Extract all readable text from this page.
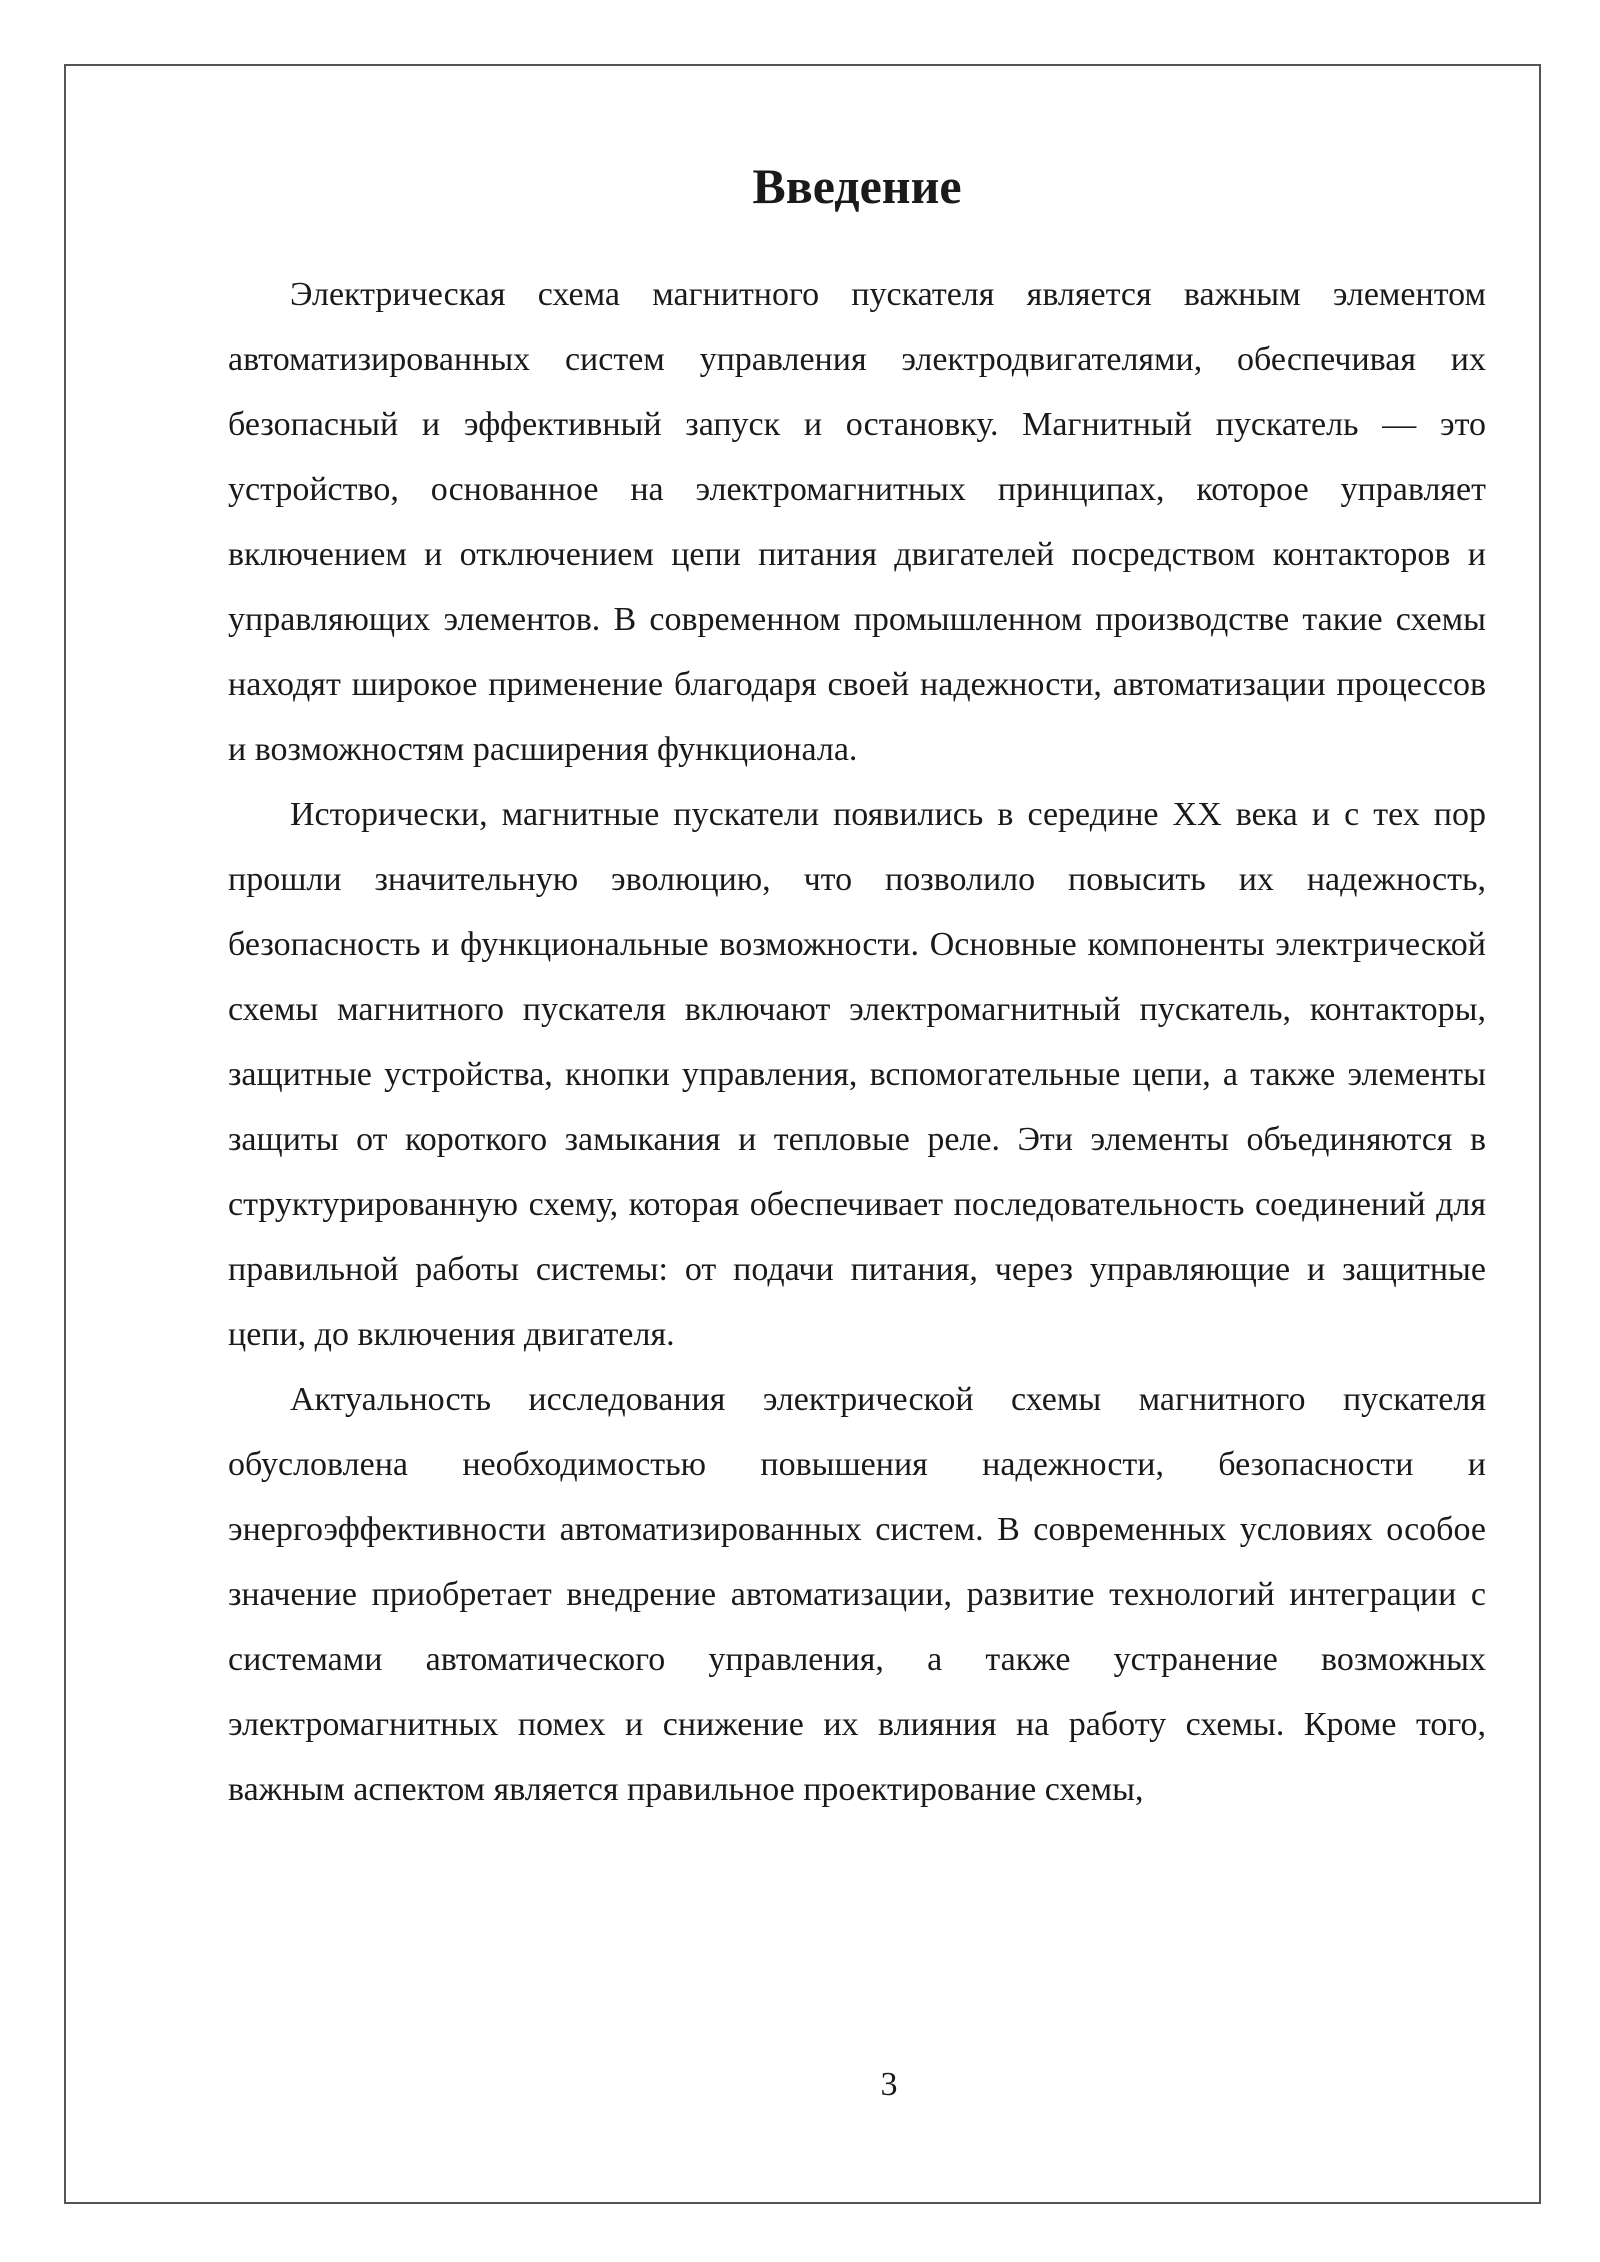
Введение

Электрическая схема магнитного пускателя является важным элементом автоматизированных систем управления электродвигателями, обеспечивая их безопасный и эффективный запуск и остановку. Магнитный пускатель — это устройство, основанное на электромагнитных принципах, которое управляет включением и отключением цепи питания двигателей посредством контакторов и управляющих элементов. В современном промышленном производстве такие схемы находят широкое применение благодаря своей надежности, автоматизации процессов и возможностям расширения функционала.

Исторически, магнитные пускатели появились в середине XX века и с тех пор прошли значительную эволюцию, что позволило повысить их надежность, безопасность и функциональные возможности. Основные компоненты электрической схемы магнитного пускателя включают электромагнитный пускатель, контакторы, защитные устройства, кнопки управления, вспомогательные цепи, а также элементы защиты от короткого замыкания и тепловые реле. Эти элементы объединяются в структурированную схему, которая обеспечивает последовательность соединений для правильной работы системы: от подачи питания, через управляющие и защитные цепи, до включения двигателя.

Актуальность исследования электрической схемы магнитного пускателя обусловлена необходимостью повышения надежности, безопасности и энергоэффективности автоматизированных систем. В современных условиях особое значение приобретает внедрение автоматизации, развитие технологий интеграции с системами автоматического управления, а также устранение возможных электромагнитных помех и снижение их влияния на работу схемы. Кроме того, важным аспектом является правильное проектирование схемы,

3
